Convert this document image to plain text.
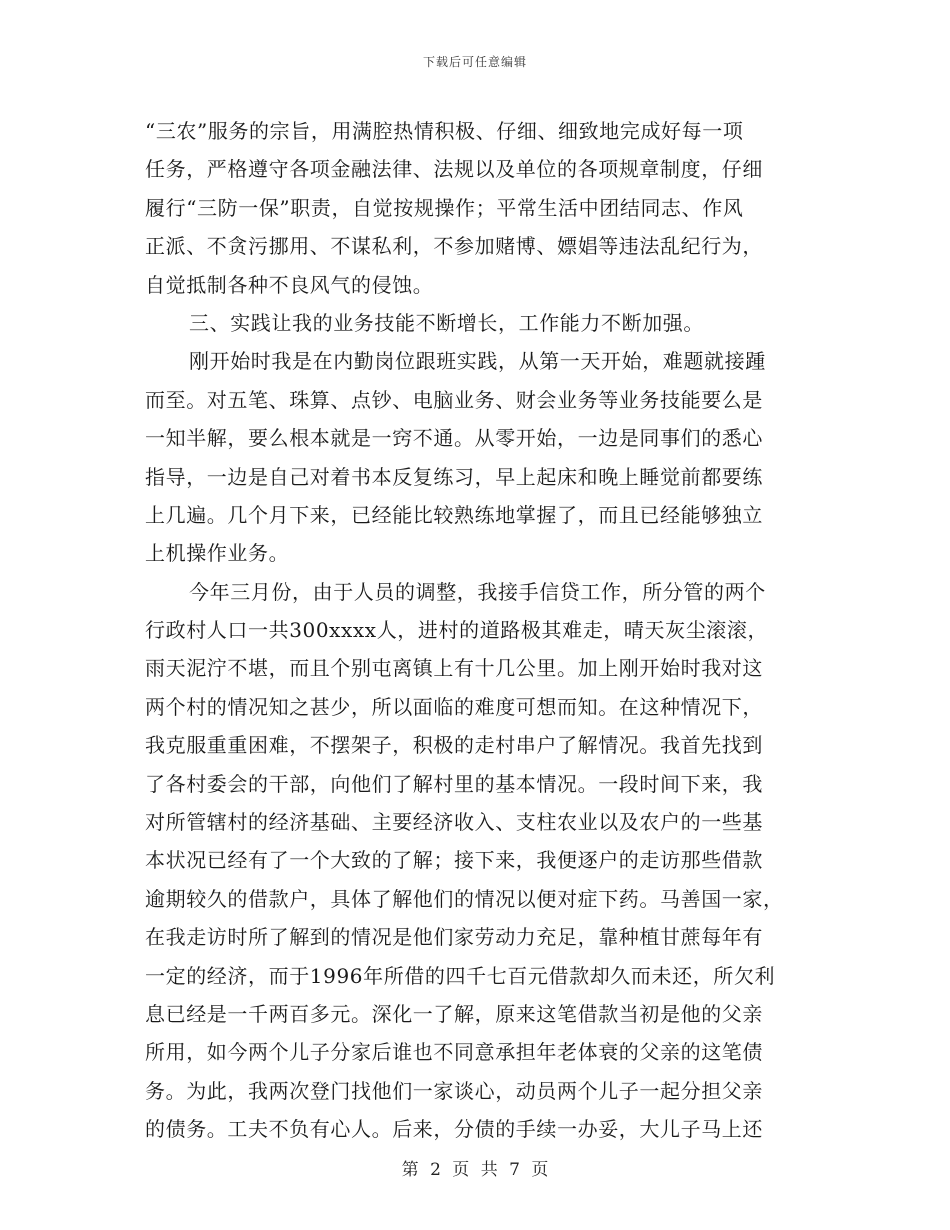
下载后可任意编辑
“三农”服务的宗旨，用满腔热情积极、仔细、细致地完成好每一项
任务，严格遵守各项金融法律、法规以及单位的各项规章制度，仔细
履行“三防一保”职责，自觉按规操作；平常生活中团结同志、作风
正派、不贪污挪用、不谋私利，不参加赌博、嫖娼等违法乱纪行为，
自觉抵制各种不良风气的侵蚀。
三、实践让我的业务技能不断增长，工作能力不断加强。
刚开始时我是在内勤岗位跟班实践，从第一天开始，难题就接踵
而至。对五笔、珠算、点钞、电脑业务、财会业务等业务技能要么是
一知半解，要么根本就是一窍不通。从零开始，一边是同事们的悉心
指导，一边是自己对着书本反复练习，早上起床和晚上睡觉前都要练
上几遍。几个月下来，已经能比较熟练地掌握了，而且已经能够独立
上机操作业务。
今年三月份，由于人员的调整，我接手信贷工作，所分管的两个
行政村人口一共300xxxx人，进村的道路极其难走，晴天灰尘滚滚，
雨天泥泞不堪，而且个别屯离镇上有十几公里。加上刚开始时我对这
两个村的情况知之甚少，所以面临的难度可想而知。在这种情况下，
我克服重重困难，不摆架子，积极的走村串户了解情况。我首先找到
了各村委会的干部，向他们了解村里的基本情况。一段时间下来，我
对所管辖村的经济基础、主要经济收入、支柱农业以及农户的一些基
本状况已经有了一个大致的了解；接下来，我便逐户的走访那些借款
逾期较久的借款户，具体了解他们的情况以便对症下药。马善国一家，
在我走访时所了解到的情况是他们家劳动力充足，靠种植甘蔗每年有
一定的经济，而于1996年所借的四千七百元借款却久而未还，所欠利
息已经是一千两百多元。深化一了解，原来这笔借款当初是他的父亲
所用，如今两个儿子分家后谁也不同意承担年老体衰的父亲的这笔债
务。为此，我两次登门找他们一家谈心，动员两个儿子一起分担父亲
的债务。工夫不负有心人。后来，分债的手续一办妥，大儿子马上还
第 2 页 共 7 页
